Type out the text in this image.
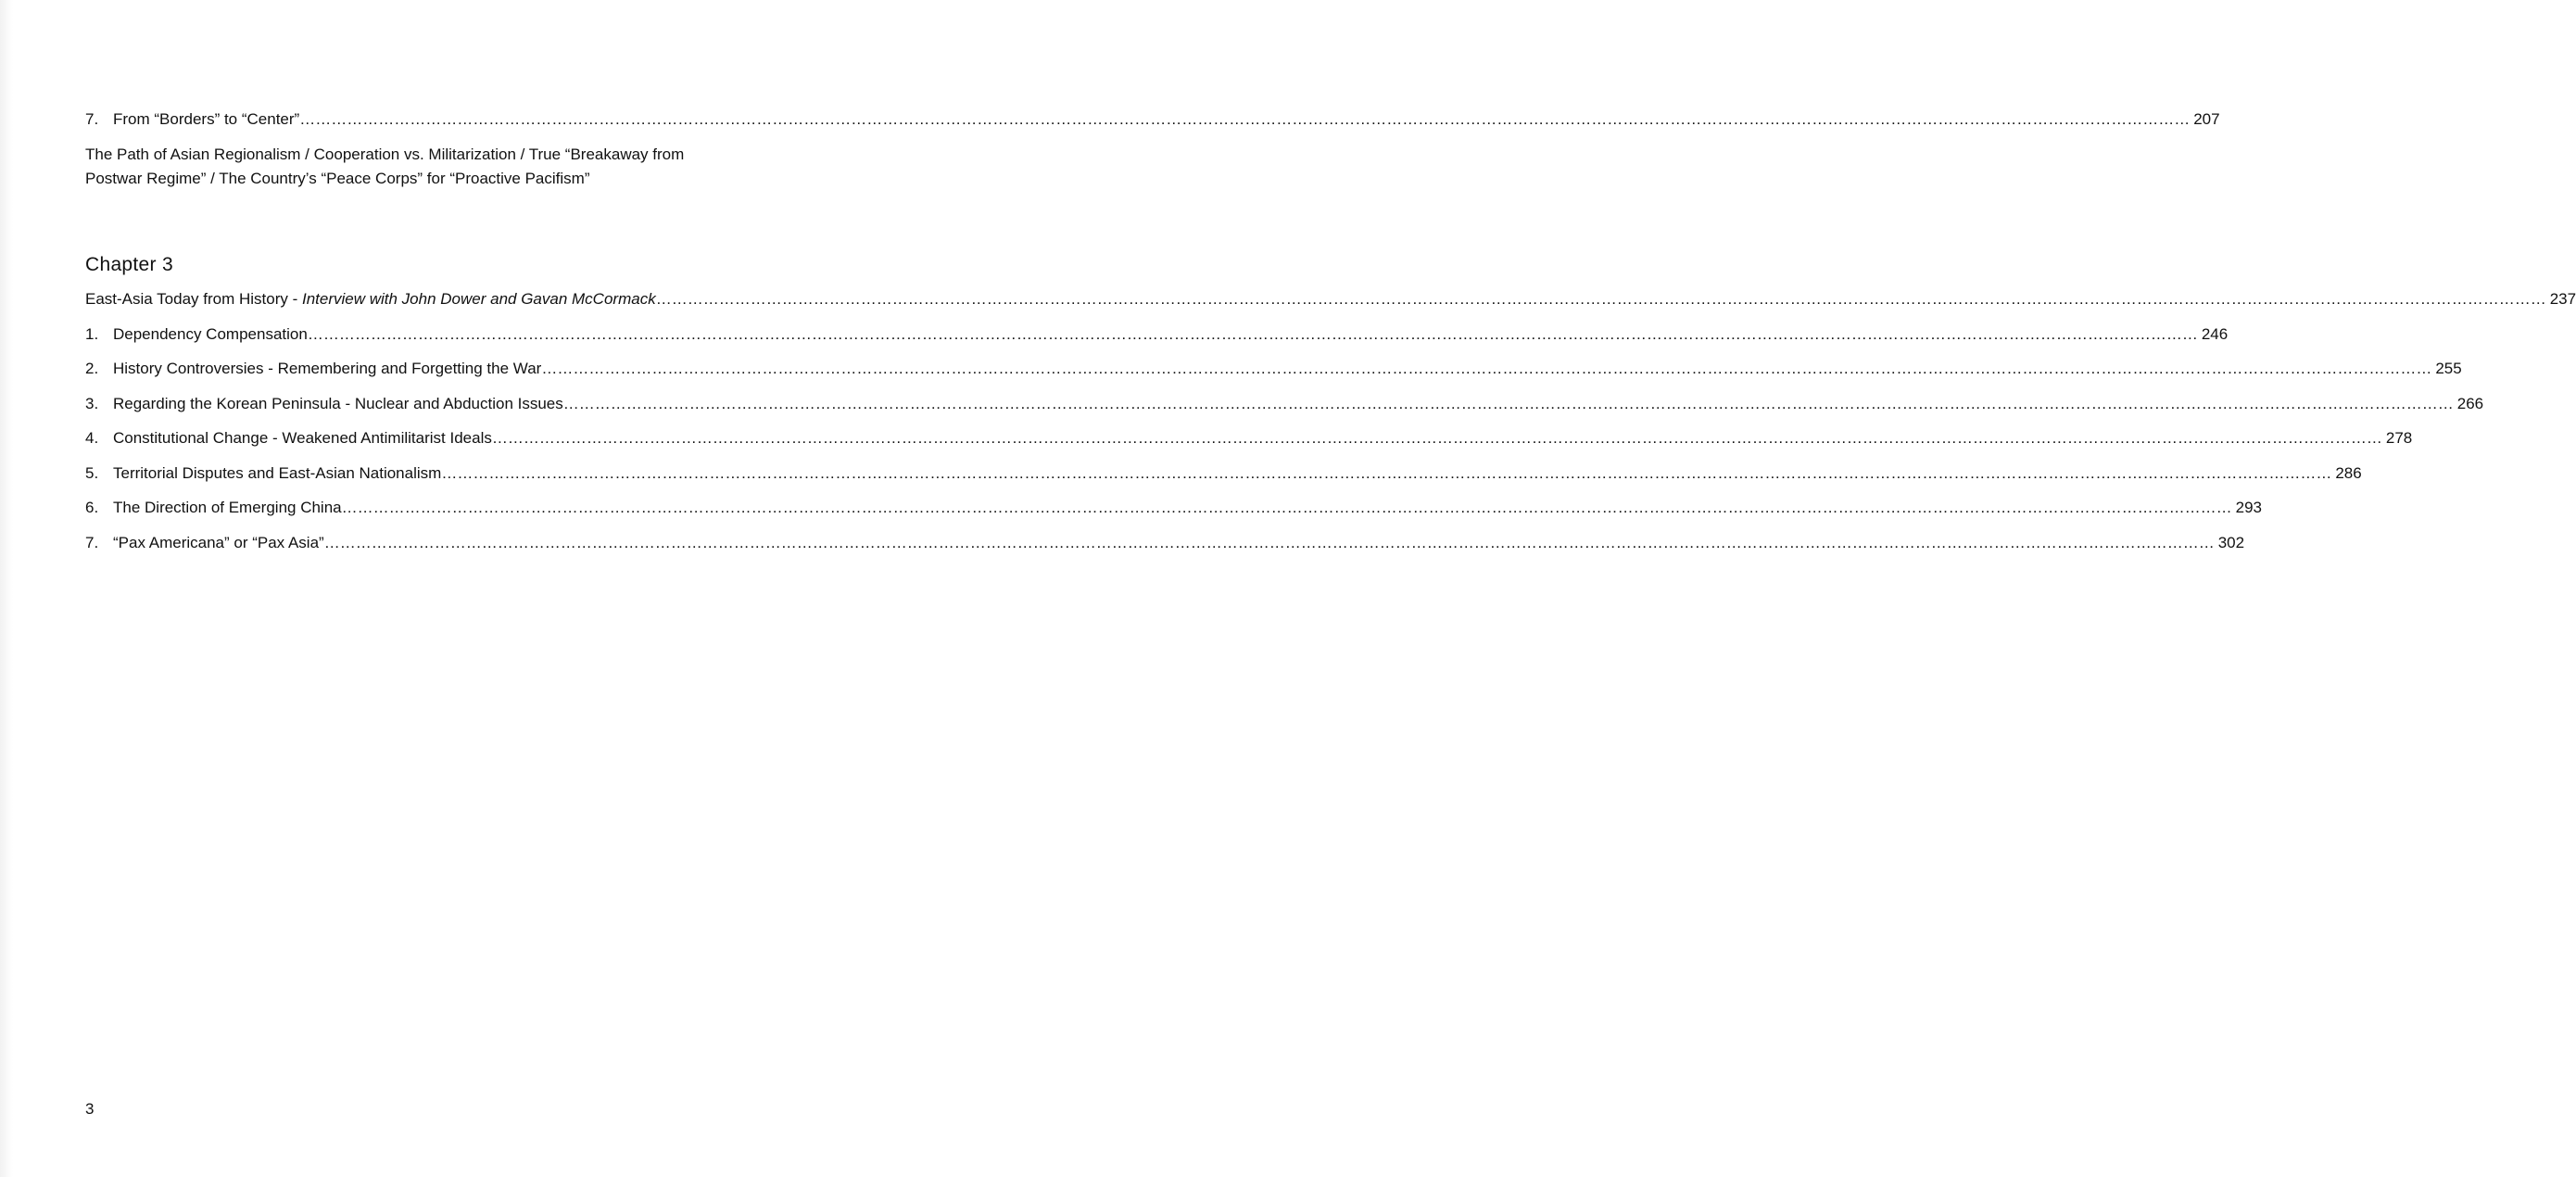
7. From “Borders” to “Center” ……………………………………………………………………………………………………………………………………………………………………………………………………………………………………………………………………………………………………………………………… 207
The Path of Asian Regionalism / Cooperation vs. Militarization / True “Breakaway from Postwar Regime” / The Country’s “Peace Corps” for “Proactive Pacifism”
Chapter 3
East-Asia Today from History - Interview with John Dower and Gavan McCormack ……………………………………………………………………………………………………………………………………………………………………………………………………………………………………………………………………………………………………………………………… 237
1. Dependency Compensation ……………………………………………………………………………………………………………………………………………………………………………………………………………………………………………………………………………………………………………………………… 246
2. History Controversies - Remembering and Forgetting the War ……………………………………………………………………………………………………………………………………………………………………………………………………………………………………………………………………………………………………………………………… 255
3. Regarding the Korean Peninsula - Nuclear and Abduction Issues ……………………………………………………………………………………………………………………………………………………………………………………………………………………………………………………………………………………………………………………………… 266
4. Constitutional Change - Weakened Antimilitarist Ideals ……………………………………………………………………………………………………………………………………………………………………………………………………………………………………………………………………………………………………………………………… 278
5. Territorial Disputes and East-Asian Nationalism ……………………………………………………………………………………………………………………………………………………………………………………………………………………………………………………………………………………………………………………………… 286
6. The Direction of Emerging China ……………………………………………………………………………………………………………………………………………………………………………………………………………………………………………………………………………………………………………………………… 293
7. “Pax Americana” or “Pax Asia” ……………………………………………………………………………………………………………………………………………………………………………………………………………………………………………………………………………………………………………………………… 302
3
